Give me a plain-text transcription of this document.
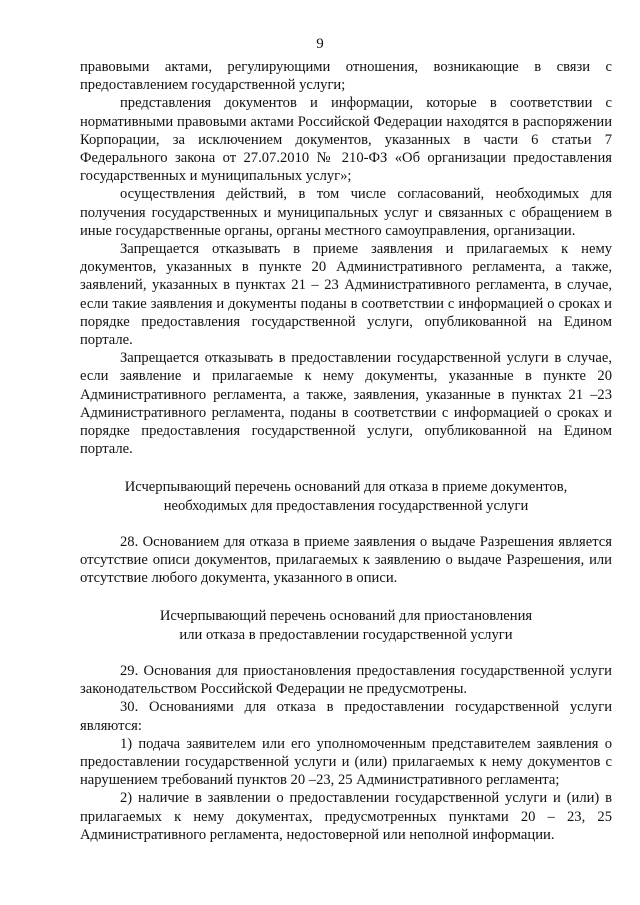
9

правовыми актами, регулирующими отношения, возникающие в связи с предоставлением государственной услуги;

представления документов и информации, которые в соответствии с нормативными правовыми актами Российской Федерации находятся в распоряжении Корпорации, за исключением документов, указанных в части 6 статьи 7 Федерального закона от 27.07.2010 № 210-ФЗ «Об организации предоставления государственных и муниципальных услуг»;

осуществления действий, в том числе согласований, необходимых для получения государственных и муниципальных услуг и связанных с обращением в иные государственные органы, органы местного самоуправления, организации.

Запрещается отказывать в приеме заявления и прилагаемых к нему документов, указанных в пункте 20 Административного регламента, а также, заявлений, указанных в пунктах 21 – 23 Административного регламента, в случае, если такие заявления и документы поданы в соответствии с информацией о сроках и порядке предоставления государственной услуги, опубликованной на Едином портале.

Запрещается отказывать в предоставлении государственной услуги в случае, если заявление и прилагаемые к нему документы, указанные в пункте 20 Административного регламента, а также, заявления, указанные в пунктах 21 –23 Административного регламента, поданы в соответствии с информацией о сроках и порядке предоставления государственной услуги, опубликованной на Едином портале.

Исчерпывающий перечень оснований для отказа в приеме документов,
необходимых для предоставления государственной услуги

28. Основанием для отказа в приеме заявления о выдаче Разрешения является отсутствие описи документов, прилагаемых к заявлению о выдаче Разрешения, или отсутствие любого документа, указанного в описи.

Исчерпывающий перечень оснований для приостановления
или отказа в предоставлении государственной услуги

29. Основания для приостановления предоставления государственной услуги законодательством Российской Федерации не предусмотрены.

30. Основаниями для отказа в предоставлении государственной услуги являются:

1) подача заявителем или его уполномоченным представителем заявления о предоставлении государственной услуги и (или) прилагаемых к нему документов с нарушением требований пунктов 20 –23, 25 Административного регламента;

2) наличие в заявлении о предоставлении государственной услуги и (или) в прилагаемых к нему документах, предусмотренных пунктами 20 – 23, 25 Административного регламента, недостоверной или неполной информации.
